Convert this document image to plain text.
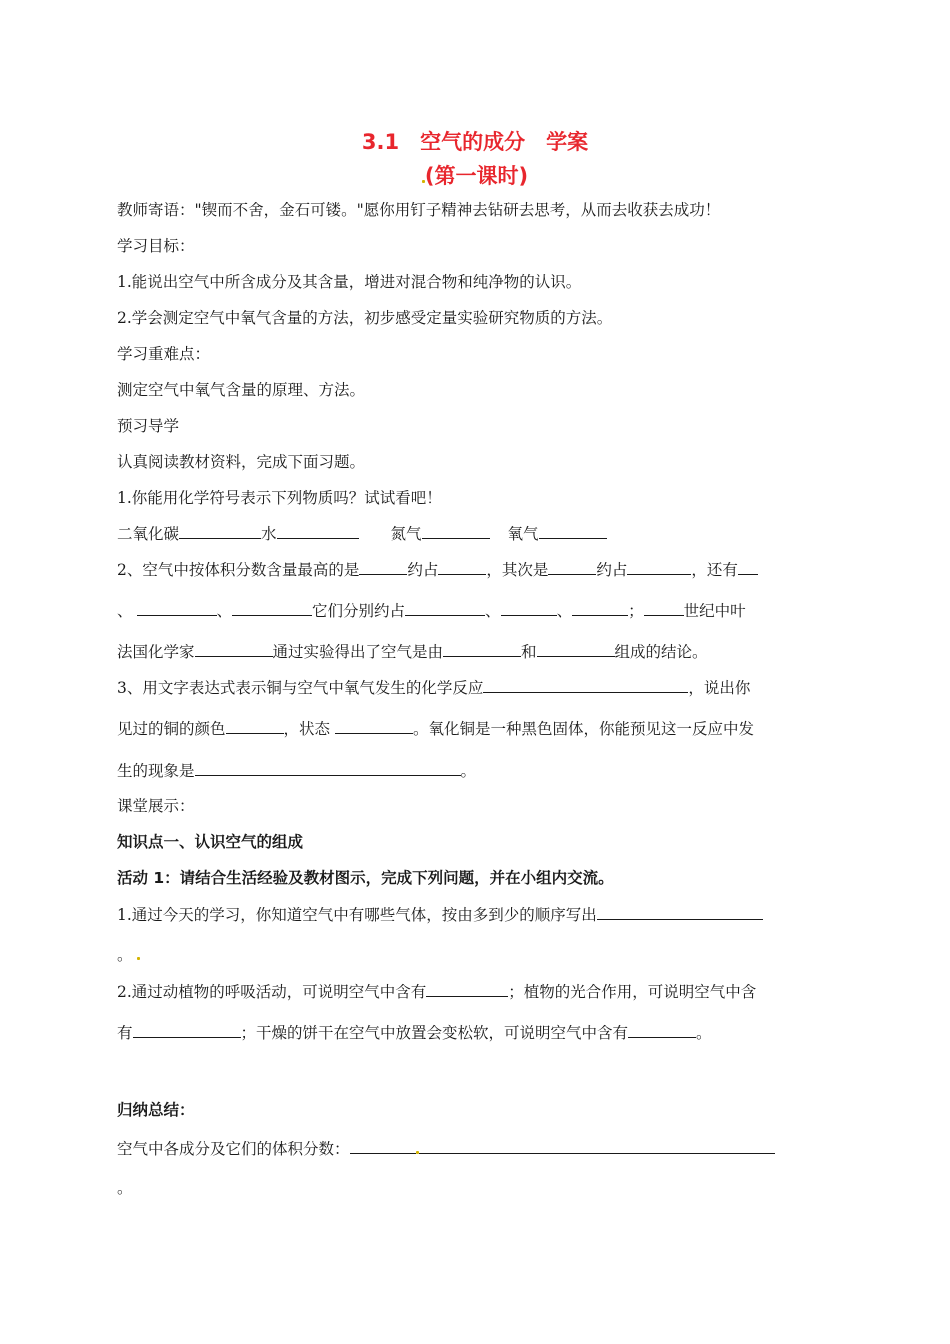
3.1　空气的成分　学案
(第一课时)
教师寄语："锲而不舍，金石可镂。"愿你用钉子精神去钻研去思考，从而去收获去成功！
学习目标：
1.能说出空气中所含成分及其含量，增进对混合物和纯净物的认识。
2.学会测定空气中氧气含量的方法，初步感受定量实验研究物质的方法。
学习重难点：
测定空气中氧气含量的原理、方法。
预习导学
认真阅读教材资料，完成下面习题。
1.你能用化学符号表示下列物质吗？试试看吧！
二氧化碳	水	氮气	氧气
2、空气中按体积分数含量最高的是	约占	，其次是	约占	，还有
、	、	它们分别约占	、	、	；	世纪中叶
法国化学家	通过实验得出了空气是由	和	组成的结论。
3、用文字表达式表示铜与空气中氧气发生的化学反应	，说出你
见过的铜的颜色	，状态	。氧化铜是一种黑色固体，你能预见这一反应中发
生的现象是	。
课堂展示：
知识点一、认识空气的组成
活动 1：请结合生活经验及教材图示，完成下列问题，并在小组内交流。
1.通过今天的学习，你知道空气中有哪些气体，按由多到少的顺序写出
。
2.通过动植物的呼吸活动，可说明空气中含有	；植物的光合作用，可说明空气中含
有	；干燥的饼干在空气中放置会变松软，可说明空气中含有	。
归纳总结：
空气中各成分及它们的体积分数：
。
